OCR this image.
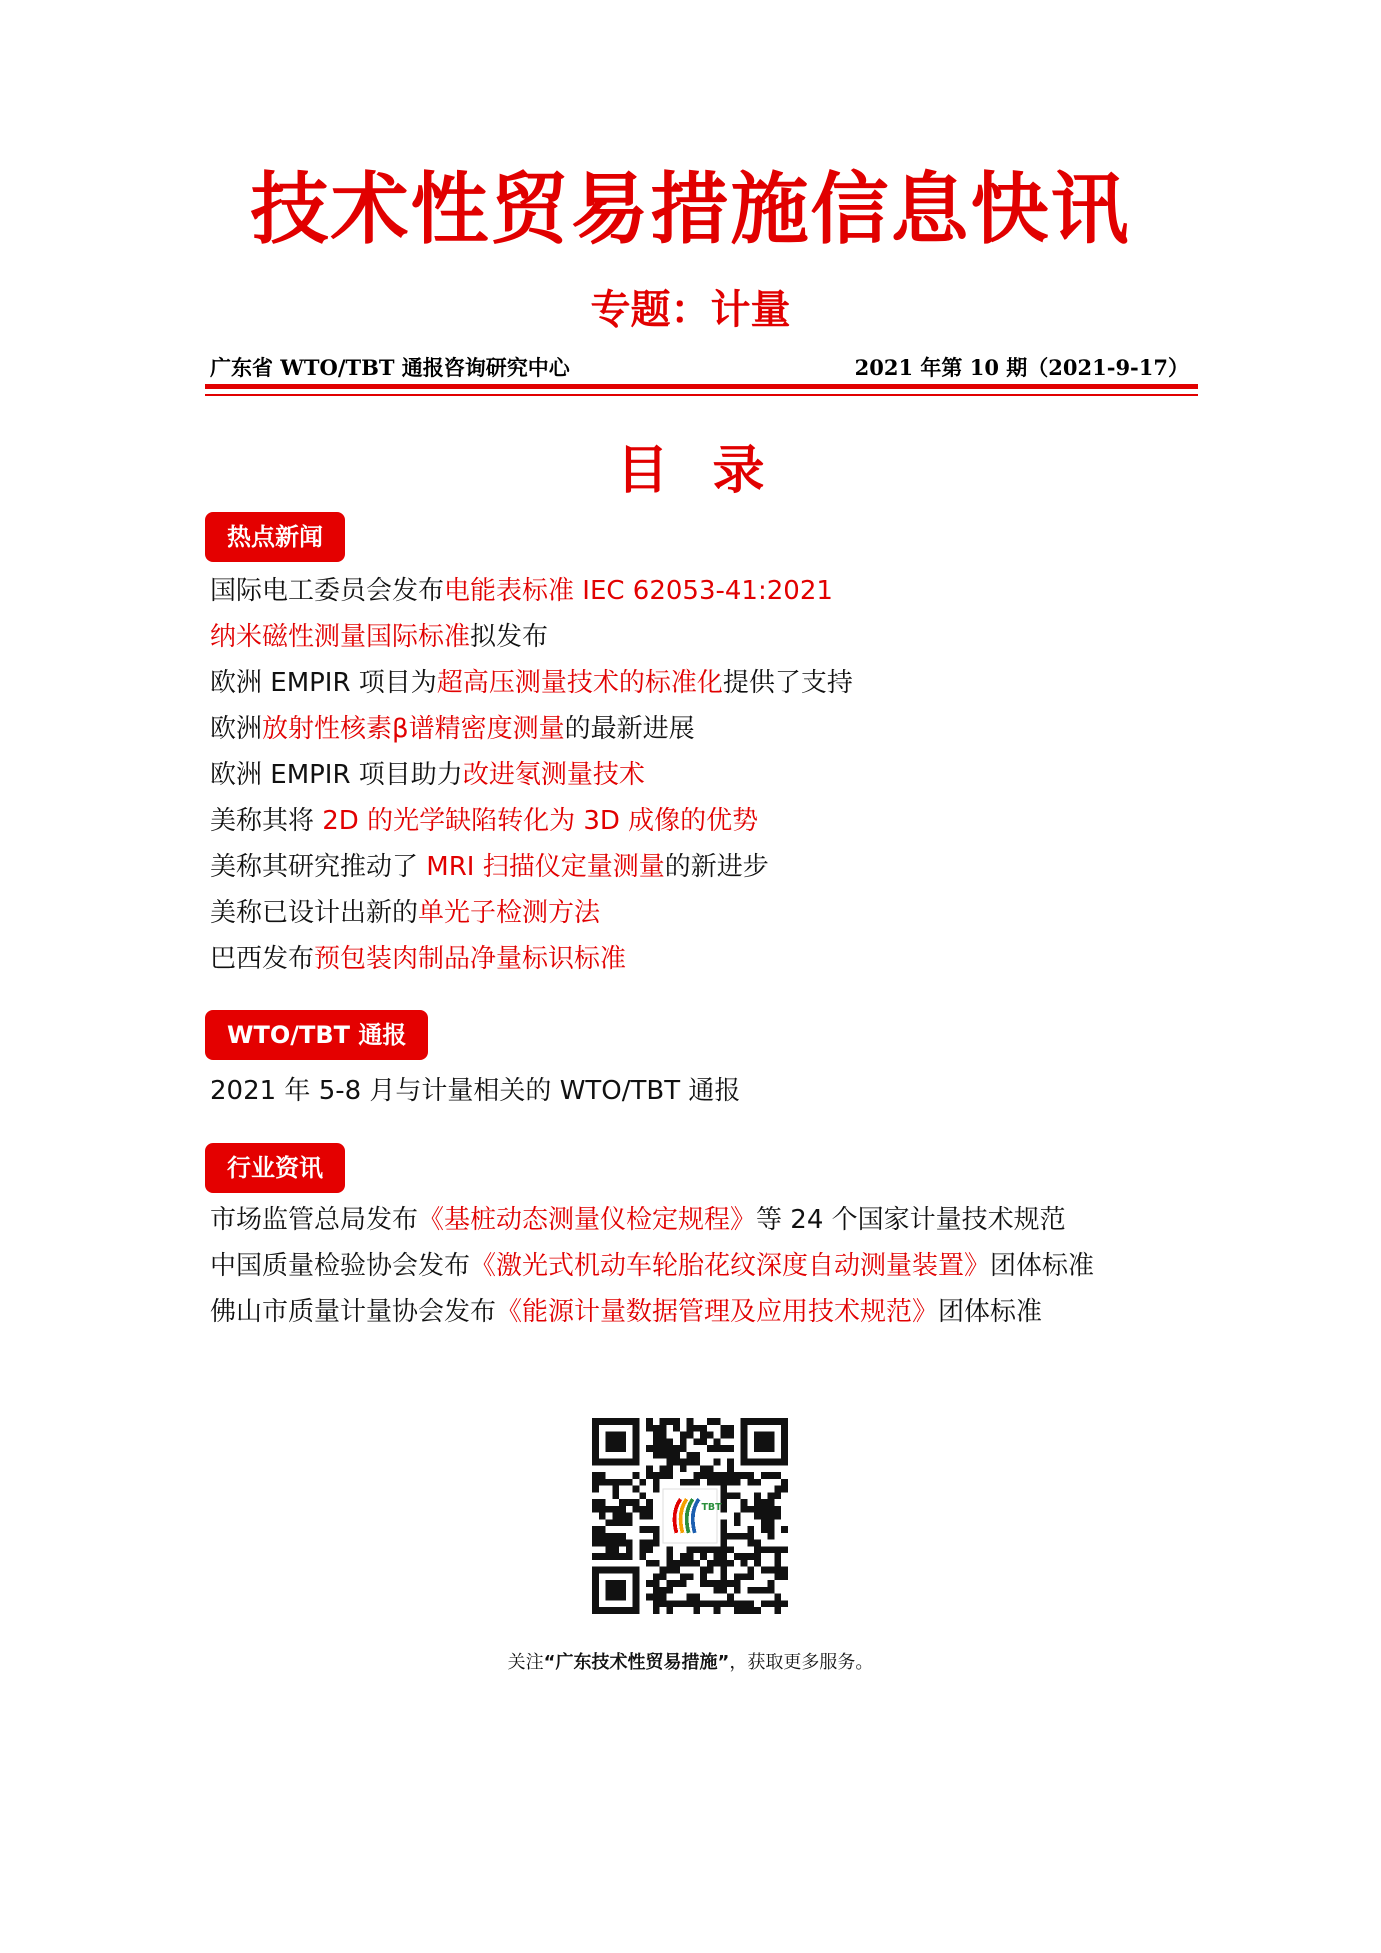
技术性贸易措施信息快讯
专题：计量
广东省 WTO/TBT 通报咨询研究中心	2021 年第 10 期（2021-9-17）
目录
热点新闻
国际电工委员会发布电能表标准 IEC 62053-41:2021
纳米磁性测量国际标准拟发布
欧洲 EMPIR 项目为超高压测量技术的标准化提供了支持
欧洲放射性核素β谱精密度测量的最新进展
欧洲 EMPIR 项目助力改进氡测量技术
美称其将 2D 的光学缺陷转化为 3D 成像的优势
美称其研究推动了 MRI 扫描仪定量测量的新进步
美称已设计出新的单光子检测方法
巴西发布预包装肉制品净量标识标准
WTO/TBT 通报
2021 年 5-8 月与计量相关的 WTO/TBT 通报
行业资讯
市场监管总局发布《基桩动态测量仪检定规程》等 24 个国家计量技术规范
中国质量检验协会发布《激光式机动车轮胎花纹深度自动测量装置》团体标准
佛山市质量计量协会发布《能源计量数据管理及应用技术规范》团体标准
TBT
关注“广东技术性贸易措施”，获取更多服务。
